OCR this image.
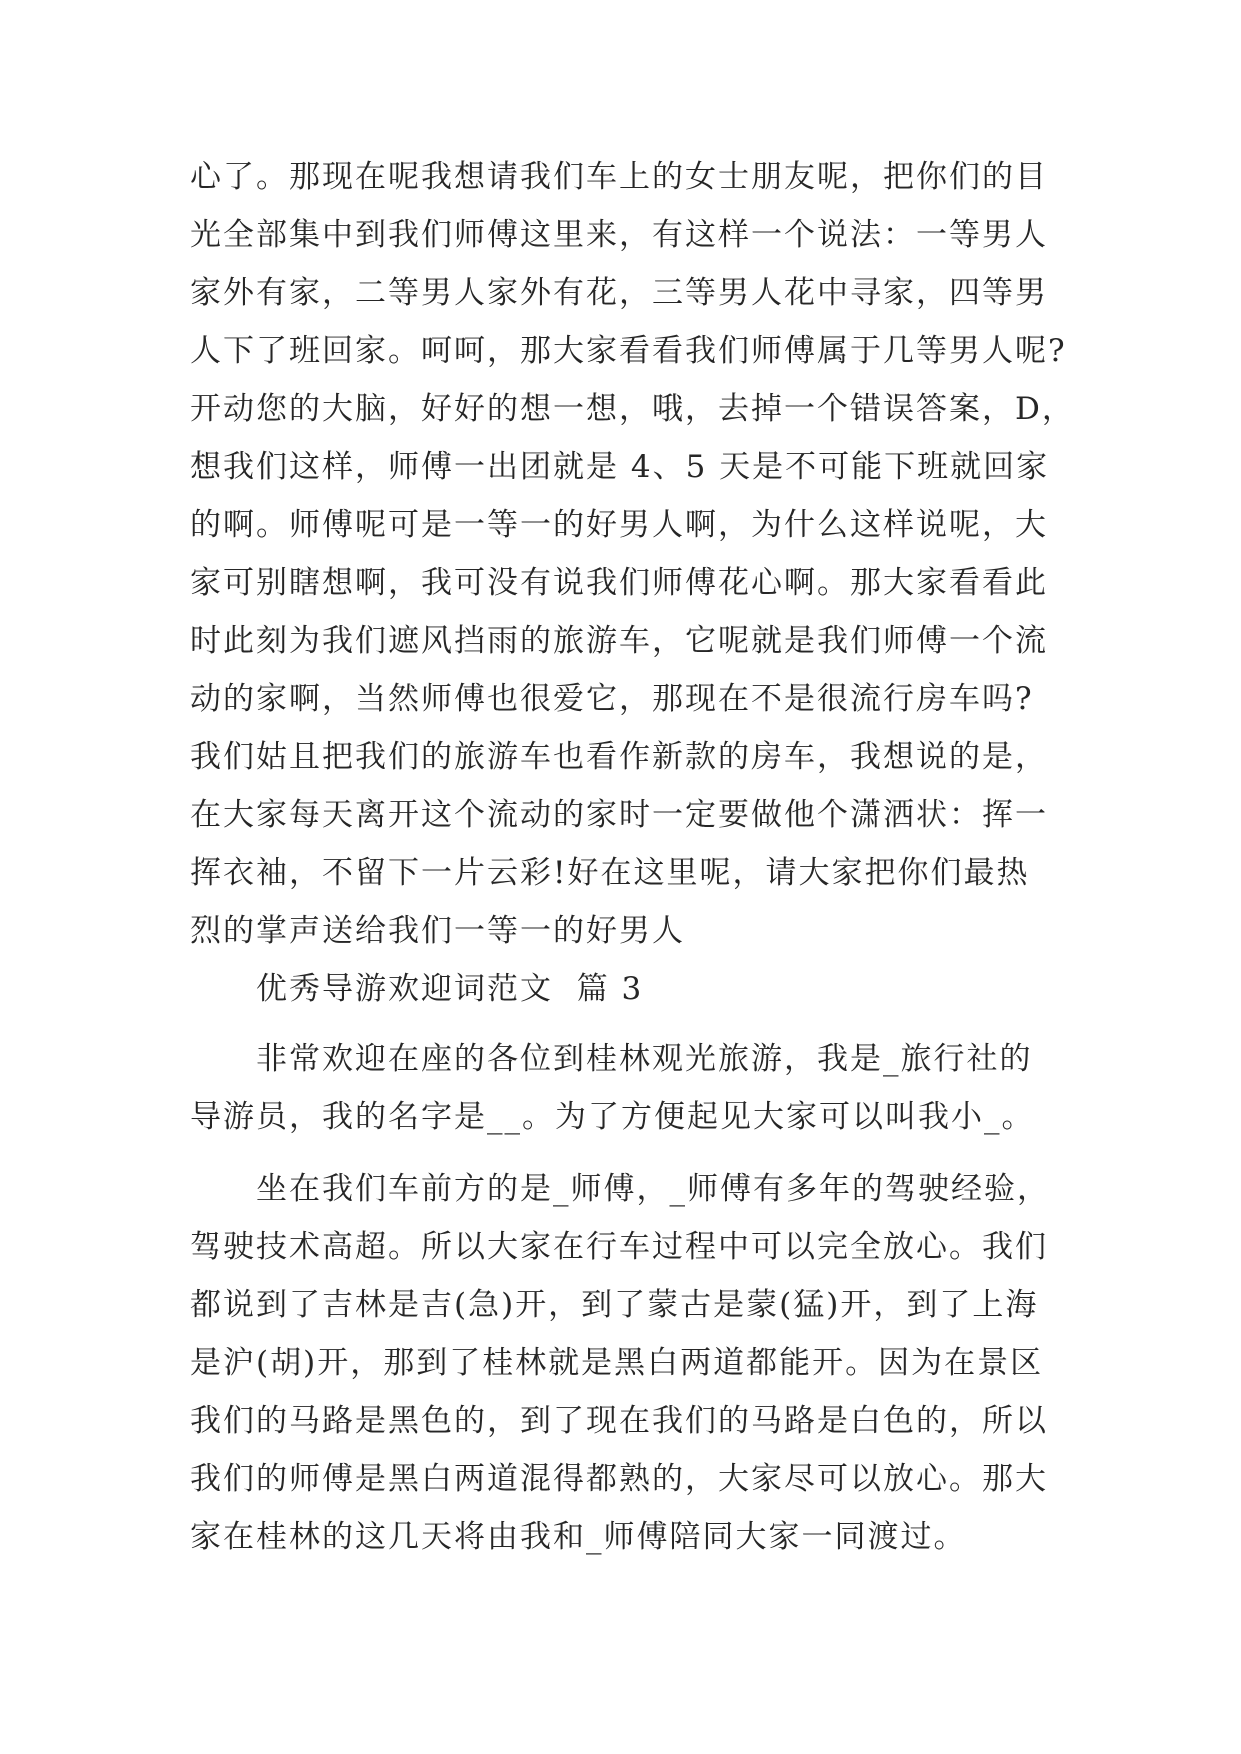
心了。那现在呢我想请我们车上的女士朋友呢，把你们的目
光全部集中到我们师傅这里来，有这样一个说法：一等男人
家外有家，二等男人家外有花，三等男人花中寻家，四等男
人下了班回家。呵呵，那大家看看我们师傅属于几等男人呢?
开动您的大脑，好好的想一想，哦，去掉一个错误答案，D，
想我们这样，师傅一出团就是 4、5 天是不可能下班就回家
的啊。师傅呢可是一等一的好男人啊，为什么这样说呢，大
家可别瞎想啊，我可没有说我们师傅花心啊。那大家看看此
时此刻为我们遮风挡雨的旅游车，它呢就是我们师傅一个流
动的家啊，当然师傅也很爱它，那现在不是很流行房车吗?
我们姑且把我们的旅游车也看作新款的房车，我想说的是，
在大家每天离开这个流动的家时一定要做他个潇洒状：挥一
挥衣袖，不留下一片云彩!好在这里呢，请大家把你们最热
烈的掌声送给我们一等一的好男人
优秀导游欢迎词范文  篇 3
非常欢迎在座的各位到桂林观光旅游，我是_旅行社的
导游员，我的名字是__。为了方便起见大家可以叫我小_。
坐在我们车前方的是_师傅，_师傅有多年的驾驶经验，
驾驶技术高超。所以大家在行车过程中可以完全放心。我们
都说到了吉林是吉(急)开，到了蒙古是蒙(猛)开，到了上海
是沪(胡)开，那到了桂林就是黑白两道都能开。因为在景区
我们的马路是黑色的，到了现在我们的马路是白色的，所以
我们的师傅是黑白两道混得都熟的，大家尽可以放心。那大
家在桂林的这几天将由我和_师傅陪同大家一同渡过。
